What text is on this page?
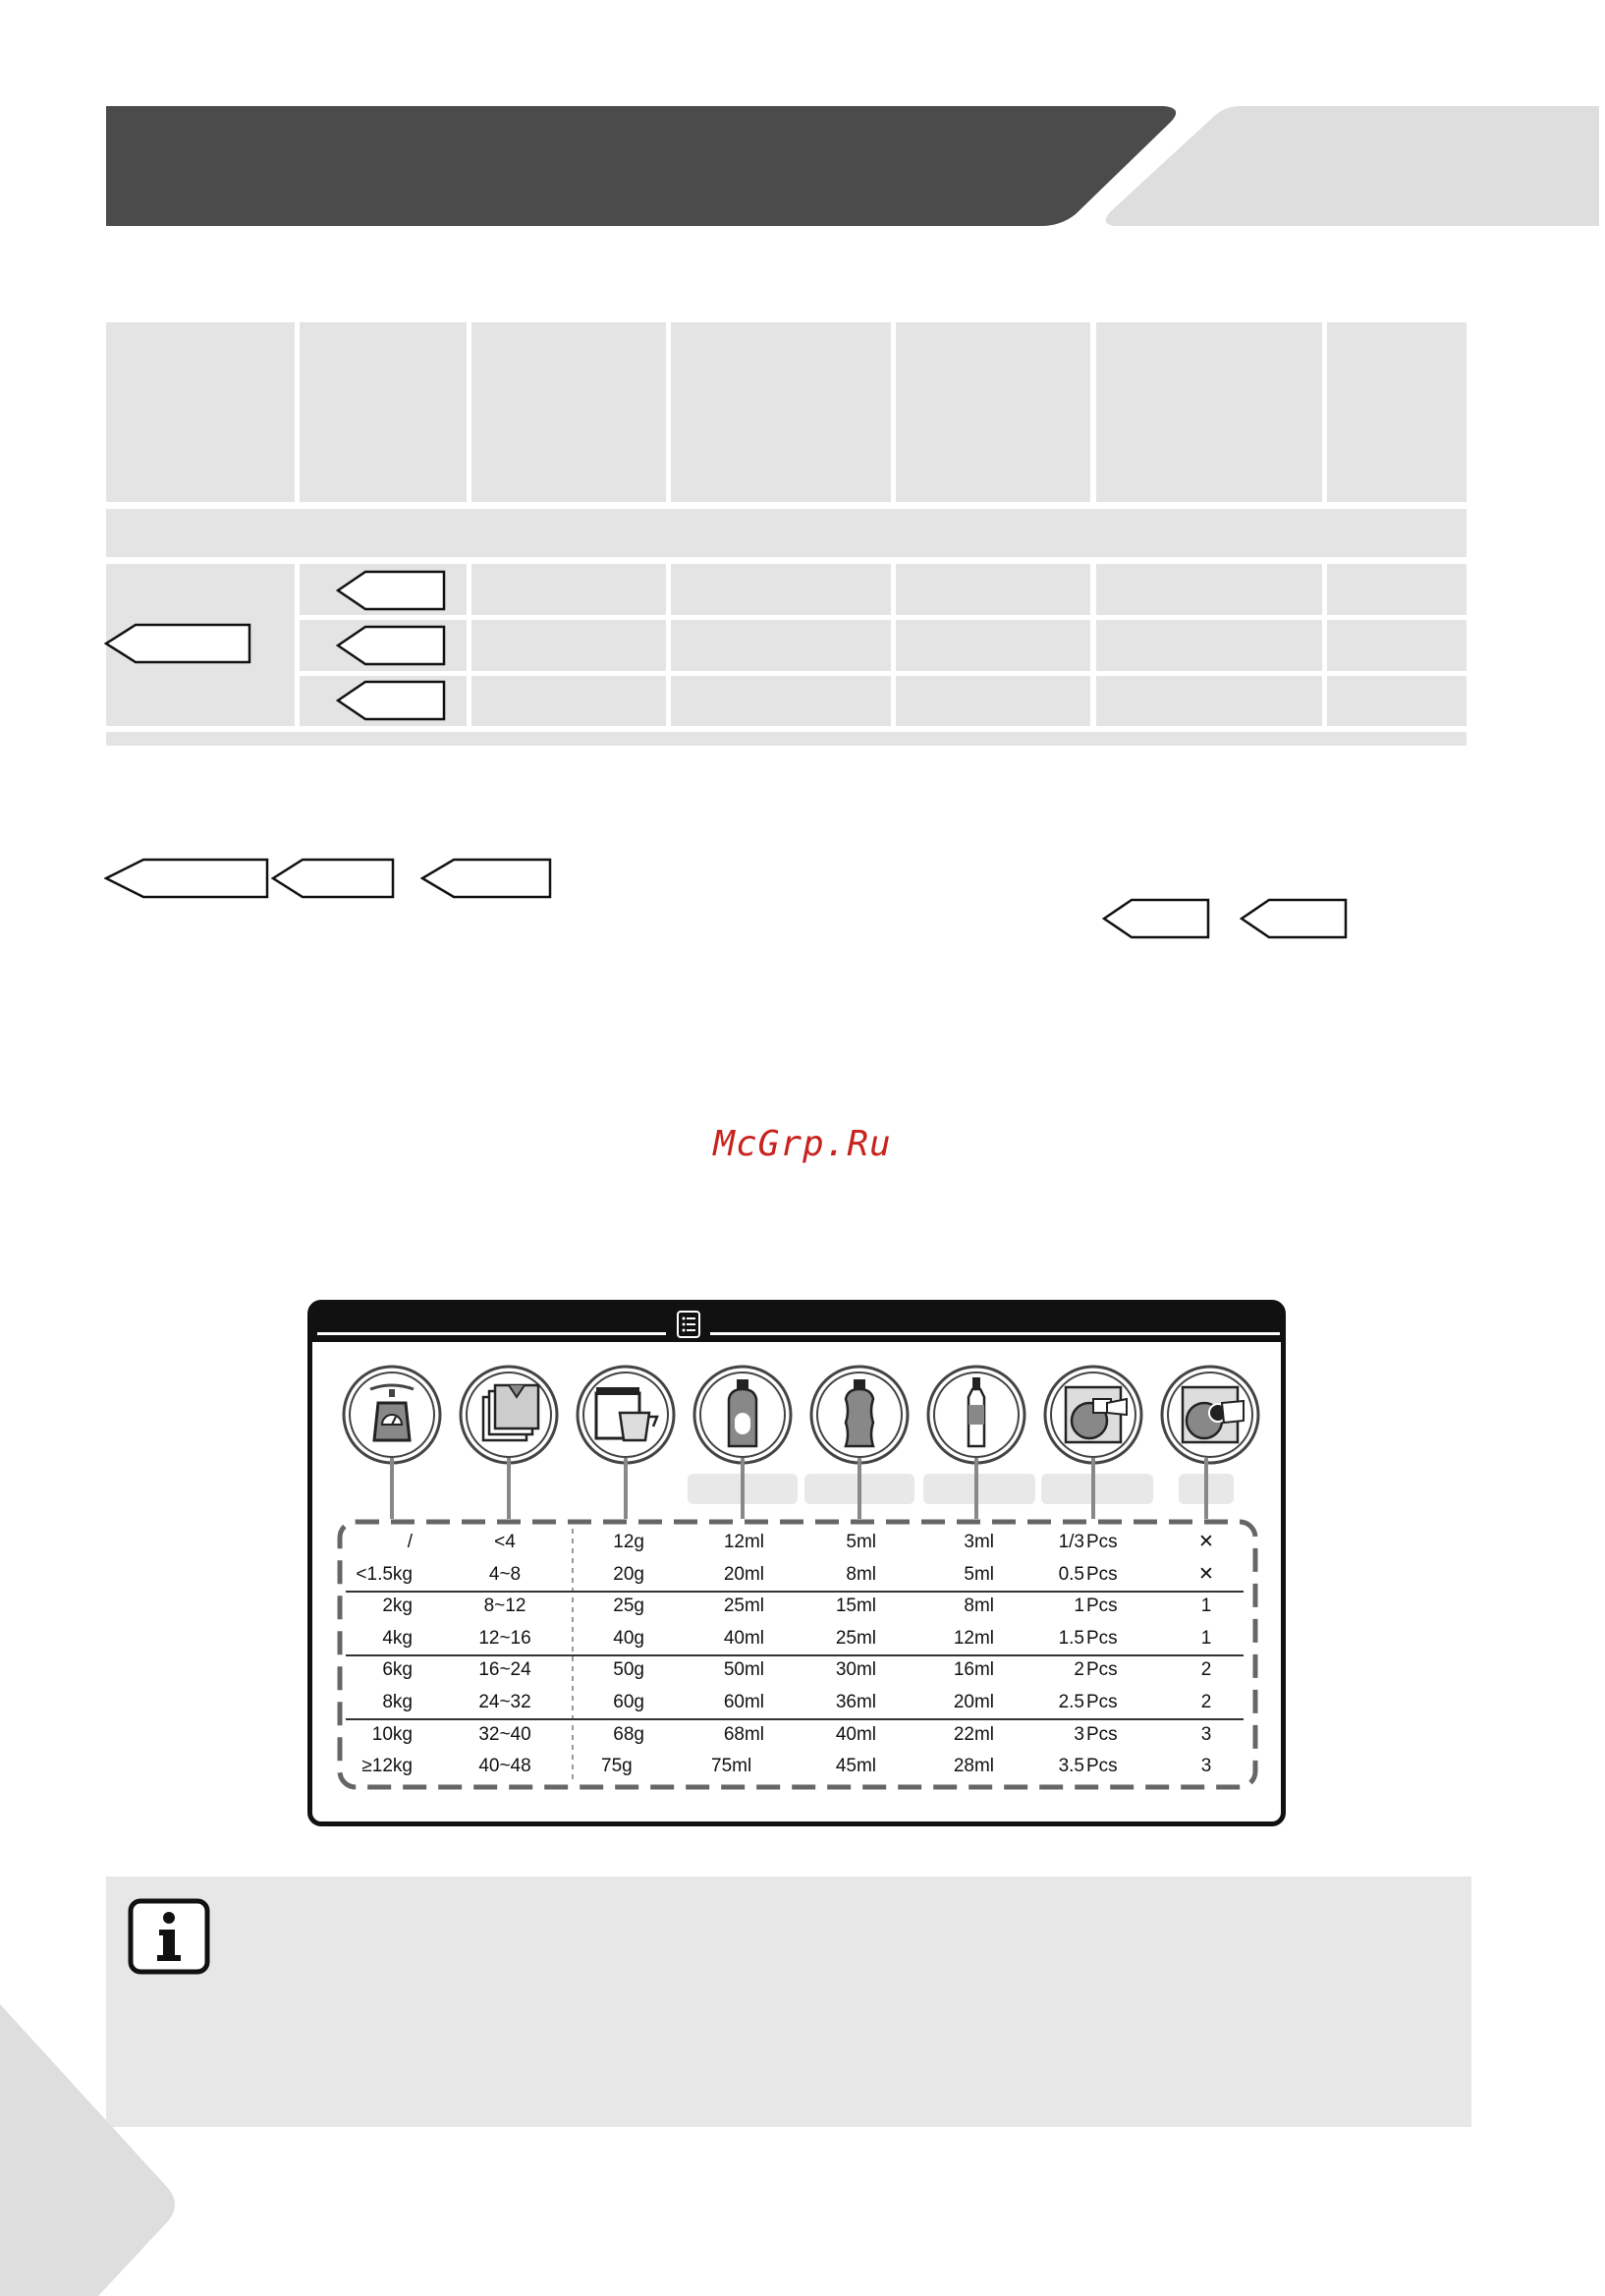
McGrp.Ru
/	<4	12g	12ml	5ml	3ml	1/3 Pcs	✕
<1.5kg	4~8	20g	20ml	8ml	5ml	0.5 Pcs	✕
2kg	8~12	25g	25ml	15ml	8ml	1 Pcs	1
4kg	12~16	40g	40ml	25ml	12ml	1.5 Pcs	1
6kg	16~24	50g	50ml	30ml	16ml	2 Pcs	2
8kg	24~32	60g	60ml	36ml	20ml	2.5 Pcs	2
10kg	32~40	68g	68ml	40ml	22ml	3 Pcs	3
≥12kg	40~48	75g	75ml	45ml	28ml	3.5 Pcs	3
